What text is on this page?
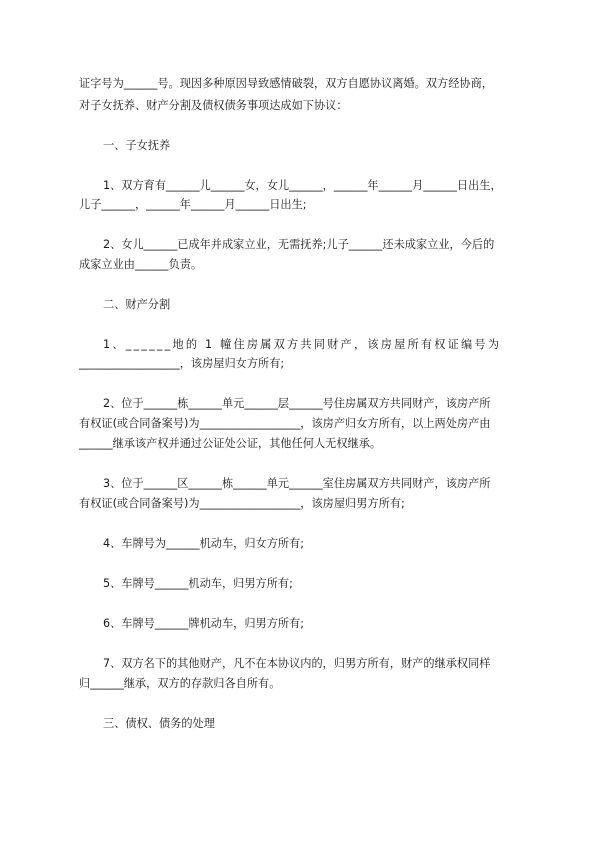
证字号为______号。现因多种原因导致感情破裂，双方自愿协议离婚。双方经协商，
对子女抚养、财产分割及债权债务事项达成如下协议：
一、子女抚养
1、双方育有______儿______女，女儿______，______年______月______日出生，
儿子______，______年______月______日出生;
2、女儿______已成年并成家立业，无需抚养;儿子______还未成家立业，今后的
成家立业由______负责。
二、财产分割
1、______地的 1 幢住房属双方共同财产，该房屋所有权证编号为
__________________，该房屋归女方所有;
2、位于______栋______单元______层______号住房属双方共同财产，该房产所
有权证(或合同备案号)为__________________，该房产归女方所有，以上两处房产由
______继承该产权并通过公证处公证，其他任何人无权继承。
3、位于______区______栋______单元______室住房属双方共同财产，该房产所
有权证(或合同备案号)为__________________，该房屋归男方所有;
4、车牌号为______机动车，归女方所有;
5、车牌号______机动车，归男方所有;
6、车牌号______牌机动车，归男方所有;
7、双方名下的其他财产，凡不在本协议内的，归男方所有，财产的继承权同样
归______继承，双方的存款归各自所有。
三、债权、债务的处理
